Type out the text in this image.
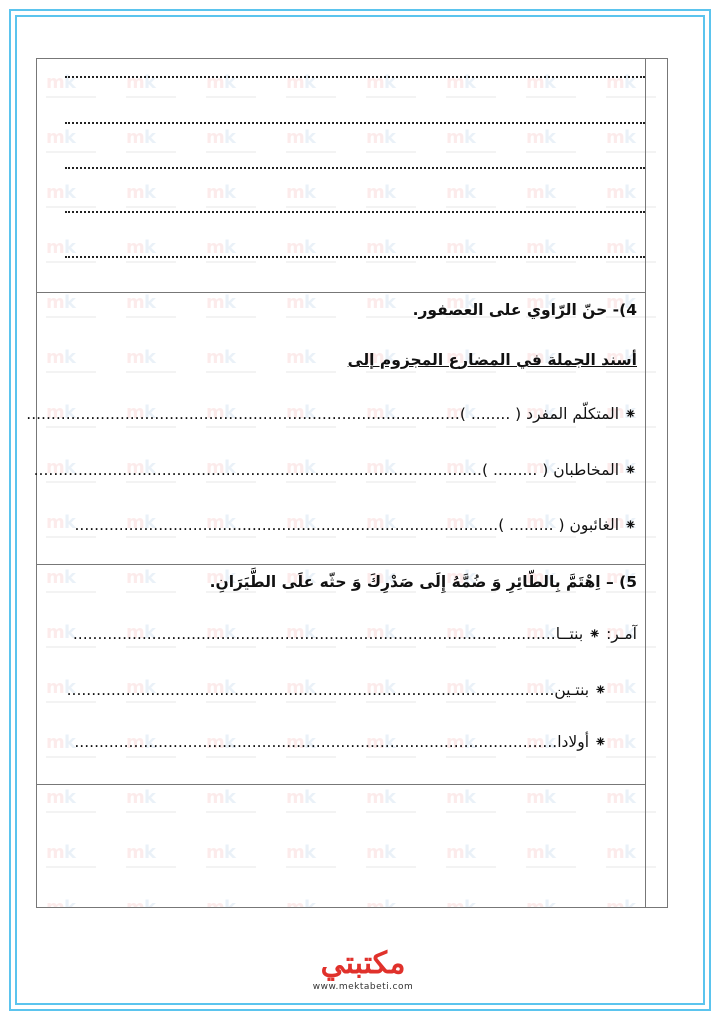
4)- حنّ الرّاوي على العصفور.
أسند الجملة في المضارع المجزوم إلى
⁕ المتكلّم المفرد ( ........ )........................................................................................
⁕ المخاطبان ( ......... )...........................................................................................
⁕ الغائبون ( ......... )......................................................................................
5) – اِهْتَمَّ بِالطّائِرِ وَ ضُمَّهُ إِلَى صَدْرِكَ وَ حثّه علَى الطَّيَرَانِ.
آمـر: ⁕ بنتــا..................................................................................................
⁕ بنتـين...................................................................................................
⁕ أولادا..................................................................................................
مكتبتي
www.mektabeti.com
